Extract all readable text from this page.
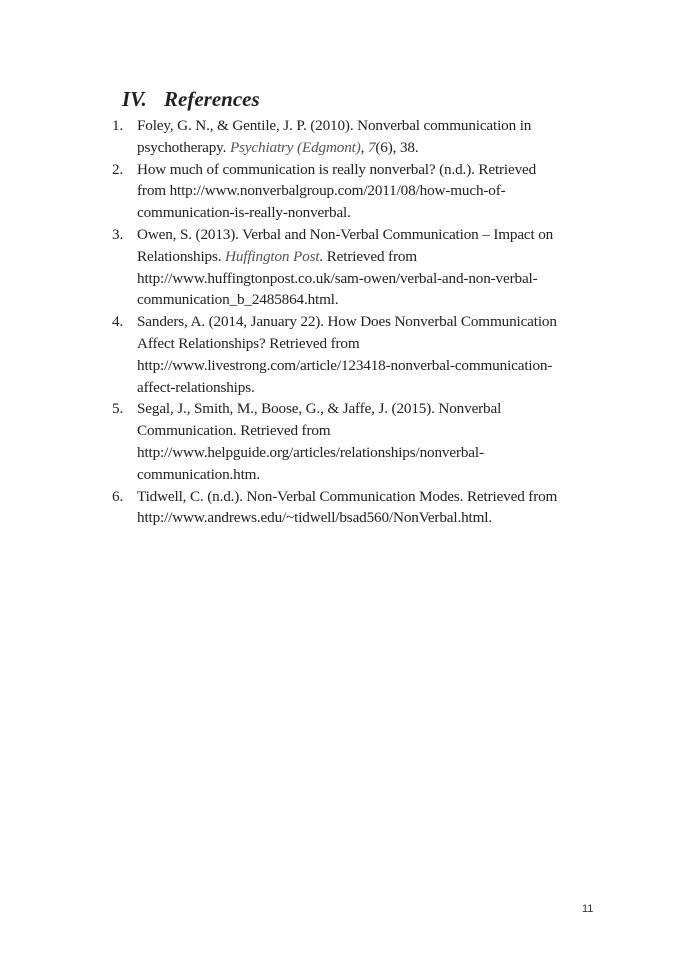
IV. References
1. Foley, G. N., & Gentile, J. P. (2010). Nonverbal communication in
psychotherapy. Psychiatry (Edgmont), 7(6), 38.
2. How much of communication is really nonverbal? (n.d.). Retrieved
from http://www.nonverbalgroup.com/2011/08/how-much-of-
communication-is-really-nonverbal.
3. Owen, S. (2013). Verbal and Non-Verbal Communication – Impact on
Relationships. Huffington Post. Retrieved from
http://www.huffingtonpost.co.uk/sam-owen/verbal-and-non-verbal-
communication_b_2485864.html.
4. Sanders, A. (2014, January 22). How Does Nonverbal Communication
Affect Relationships? Retrieved from
http://www.livestrong.com/article/123418-nonverbal-communication-
affect-relationships.
5. Segal, J., Smith, M., Boose, G., & Jaffe, J. (2015). Nonverbal
Communication. Retrieved from
http://www.helpguide.org/articles/relationships/nonverbal-
communication.htm.
6. Tidwell, C. (n.d.). Non-Verbal Communication Modes. Retrieved from
http://www.andrews.edu/~tidwell/bsad560/NonVerbal.html.
11
